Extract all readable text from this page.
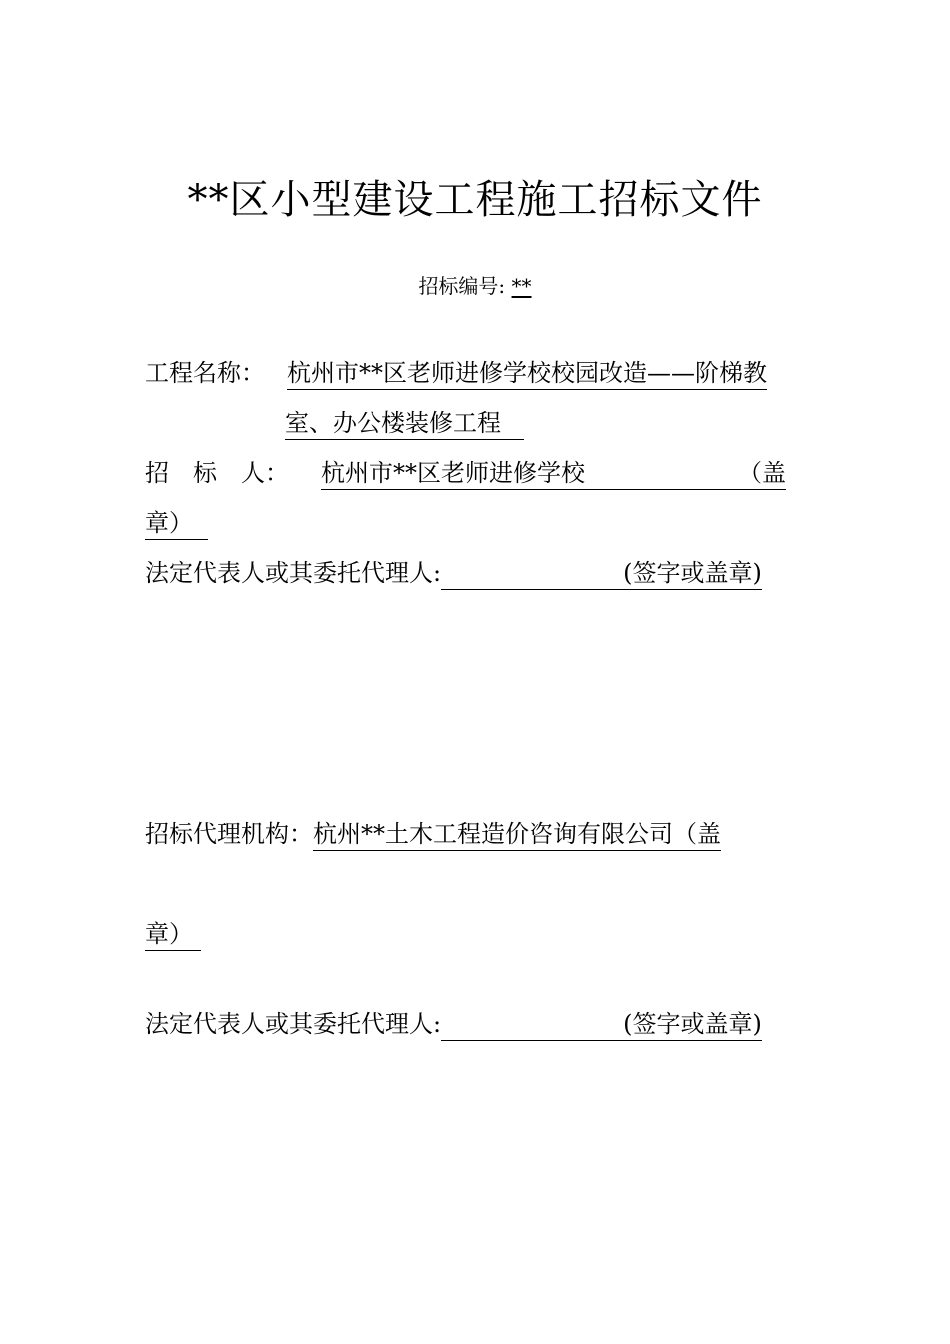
**区小型建设工程施工招标文件
招标编号: **
工程名称： 杭州市**区老师进修学校校园改造——阶梯教
室、办公楼装修工程
招　标　人： 杭州市**区老师进修学校	（盖
章）
法定代表人或其委托代理人:	(签字或盖章)
招标代理机构：杭州**土木工程造价咨询有限公司（盖
章）
法定代表人或其委托代理人:	(签字或盖章)
